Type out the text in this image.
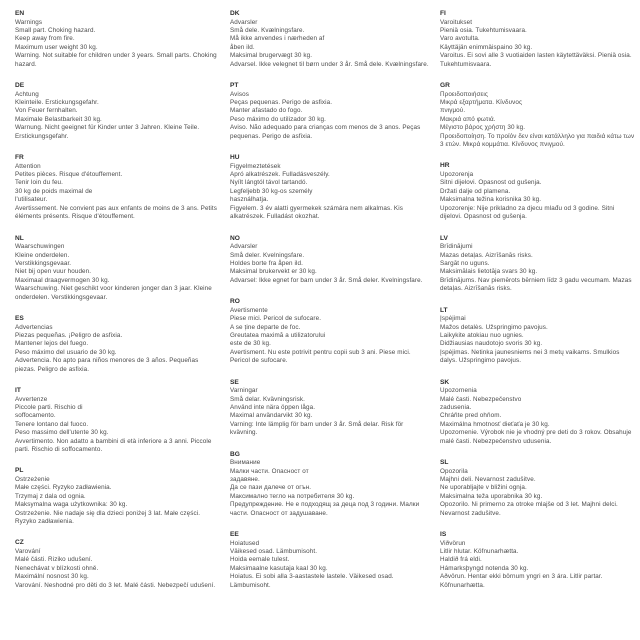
EN
Warnings
Small part. Choking hazard.
Keep away from fire.
Maximum user weight 30 kg.
Warning. Not suitable for children under 3 years. Small parts. Choking hazard.
DE
Achtung
Kleinteile. Erstickungsgefahr.
Von Feuer fernhalten.
Maximale Belastbarkeit 30 kg.
Warnung. Nicht geeignet für Kinder unter 3 Jahren. Kleine Teile. Erstickungsgefahr.
FR
Attention
Petites pièces. Risque d'étouffement.
Tenir loin du feu.
30 kg de poids maximal de
l'utilisateur.
Avertissement. Ne convient pas aux enfants de moins de 3 ans. Petits éléments présents. Risque d'étouffement.
NL
Waarschuwingen
Kleine onderdelen.
Verstikkingsgevaar.
Niet bij open vuur houden.
Maximaal draagvermogen 30 kg.
Waarschuwing. Niet geschikt voor kinderen jonger dan 3 jaar. Kleine onderdelen. Verstikkingsgevaar.
ES
Advertencias
Piezas pequeñas. ¡Peligro de asfixia.
Mantener lejos del fuego.
Peso máximo del usuario de 30 kg.
Advertencia. No apto para niños menores de 3 años. Pequeñas piezas. Peligro de asfixia.
IT
Avvertenze
Piccole parti. Rischio di
soffocamento.
Tenere lontano dal fuoco.
Peso massimo dell'utente 30 kg.
Avvertimento. Non adatto a bambini di età inferiore a 3 anni. Piccole parti. Rischio di soffocamento.
PL
Ostrzeżenie
Małe części. Ryzyko zadławienia.
Trzymaj z dala od ognia.
Maksymalna waga użytkownika: 30 kg.
Ostrzeżenie. Nie nadaje się dla dzieci poniżej 3 lat. Małe części. Ryzyko zadławienia.
CZ
Varování
Malé části. Riziko udušení.
Nenechávat v blízkosti ohně.
Maximální nosnost 30 kg.
Varování. Neshodné pro děti do 3 let. Malé části. Nebezpečí udušení.
DK
Advarsler
Små dele. Kvælningsfare.
Må ikke anvendes i nærheden af
åben ild.
Maksimal brugervægt 30 kg.
Advarsel. Ikke velegnet til børn under 3 år. Små dele. Kvælningsfare.
PT
Avisos
Peças pequenas. Perigo de asfixia.
Manter afastado do fogo.
Peso máximo do utilizador 30 kg.
Aviso. Não adequado para crianças com menos de 3 anos. Peças pequenas. Perigo de asfixia.
HU
Figyelmeztetések
Apró alkatrészek. Fulladásveszély.
Nyílt lángtól távol tartandó.
Legfeljebb 30 kg-os személy
használhatja.
Figyelem. 3 év alatti gyermekek számára nem alkalmas. Kis alkatrészek. Fulladást okozhat.
NO
Advarsler
Små deler. Kvelningsfare.
Holdes borte fra åpen ild.
Maksimal brukervekt er 30 kg.
Advarsel: Ikke egnet for barn under 3 år. Små deler. Kvelningsfare.
RO
Avertismente
Piese mici. Pericol de sufocare.
A se ține departe de foc.
Greutatea maximă a utilizatorului
este de 30 kg.
Avertisment. Nu este potrivit pentru copii sub 3 ani. Piese mici. Pericol de sufocare.
SE
Varningar
Små delar. Kvävningsrisk.
Använd inte nära öppen låga.
Maximal användarvikt 30 kg.
Varning: Inte lämplig för barn under 3 år. Små delar. Risk för kvävning.
BG
Внимание
Малки части. Опасност от
задавяне.
Да се пази далече от огън.
Максимално тегло на потребителя 30 kg.
Предупреждение. Не е подходящ за деца под 3 години. Малки части. Опасност от задушаване.
EE
Hoiatused
Väikesed osad. Lämbumisoht.
Hoida eemale tulest.
Maksimaalne kasutaja kaal 30 kg.
Hoiatus. Ei sobi alla 3-aastastele lastele. Väikesed osad. Lämbumisoht.
FI
Varoitukset
Pieniä osia. Tukehtumisvaara.
Varo avotulta.
Käyttäjän enimmäispaino 30 kg.
Varoitus. Ei sovi alle 3 vuotiaiden lasten käytettäväksi. Pieniä osia. Tukehtumisvaara.
GR
Προειδοποιήσεις
Μικρά εξαρτήματα. Κίνδυνος
πνιγμού.
Μακριά από φωτιά.
Μέγιστο βάρος χρήστη 30 kg.
Προειδοποίηση. Το προϊόν δεν είναι κατάλληλο για παιδιά κάτω των 3 ετών. Μικρά κομμάτια. Κίνδυνος πνιγμού.
HR
Upozorenja
Sitni dijelovi. Opasnost od gušenja.
Držati dalje od plamena.
Maksimalna težina korisnika 30 kg.
Upozorenje: Nije prikladno za djecu mlađu od 3 godine. Sitni dijelovi. Opasnost od gušenja.
LV
Brīdinājumi
Mazas detaļas. Aizrīšanās risks.
Sargāt no uguns.
Maksimālais lietotāja svars 30 kg.
Brīdinājums. Nav piemērots bērniem līdz 3 gadu vecumam. Mazas detaļas. Aizrīšanās risks.
LT
Įspėjimai
Mažos detalės. Užspringimo pavojus.
Laikykite atokiau nuo ugnies.
Didžiausias naudotojo svoris 30 kg.
Įspėjimas. Netinka jaunesniems nei 3 metų vaikams. Smulkios dalys. Užspringimo pavojus.
SK
Upozornenia
Malé časti. Nebezpečenstvo
zadusenia.
Chráňte pred ohňom.
Maximálna hmotnosť dieťaťa je 30 kg.
Upozornenie. Výrobok nie je vhodný pre deti do 3 rokov. Obsahuje malé časti. Nebezpečenstvo udusenia.
SL
Opozorila
Majhni deli. Nevarnost zadušitve.
Ne uporabljajte v bližini ognja.
Maksimalna teža uporabnika 30 kg.
Opozorilo. Ni primerno za otroke mlajše od 3 let. Majhni delci. Nevarnost zadušitve.
IS
Viðvörun
Litlir hlutar. Köfnunarhætta.
Haldið frá eldi.
Hámarksþyngd notenda 30 kg.
Aðvörun. Hentar ekki börnum yngri en 3 ára. Litlir partar. Köfnunarhætta.
